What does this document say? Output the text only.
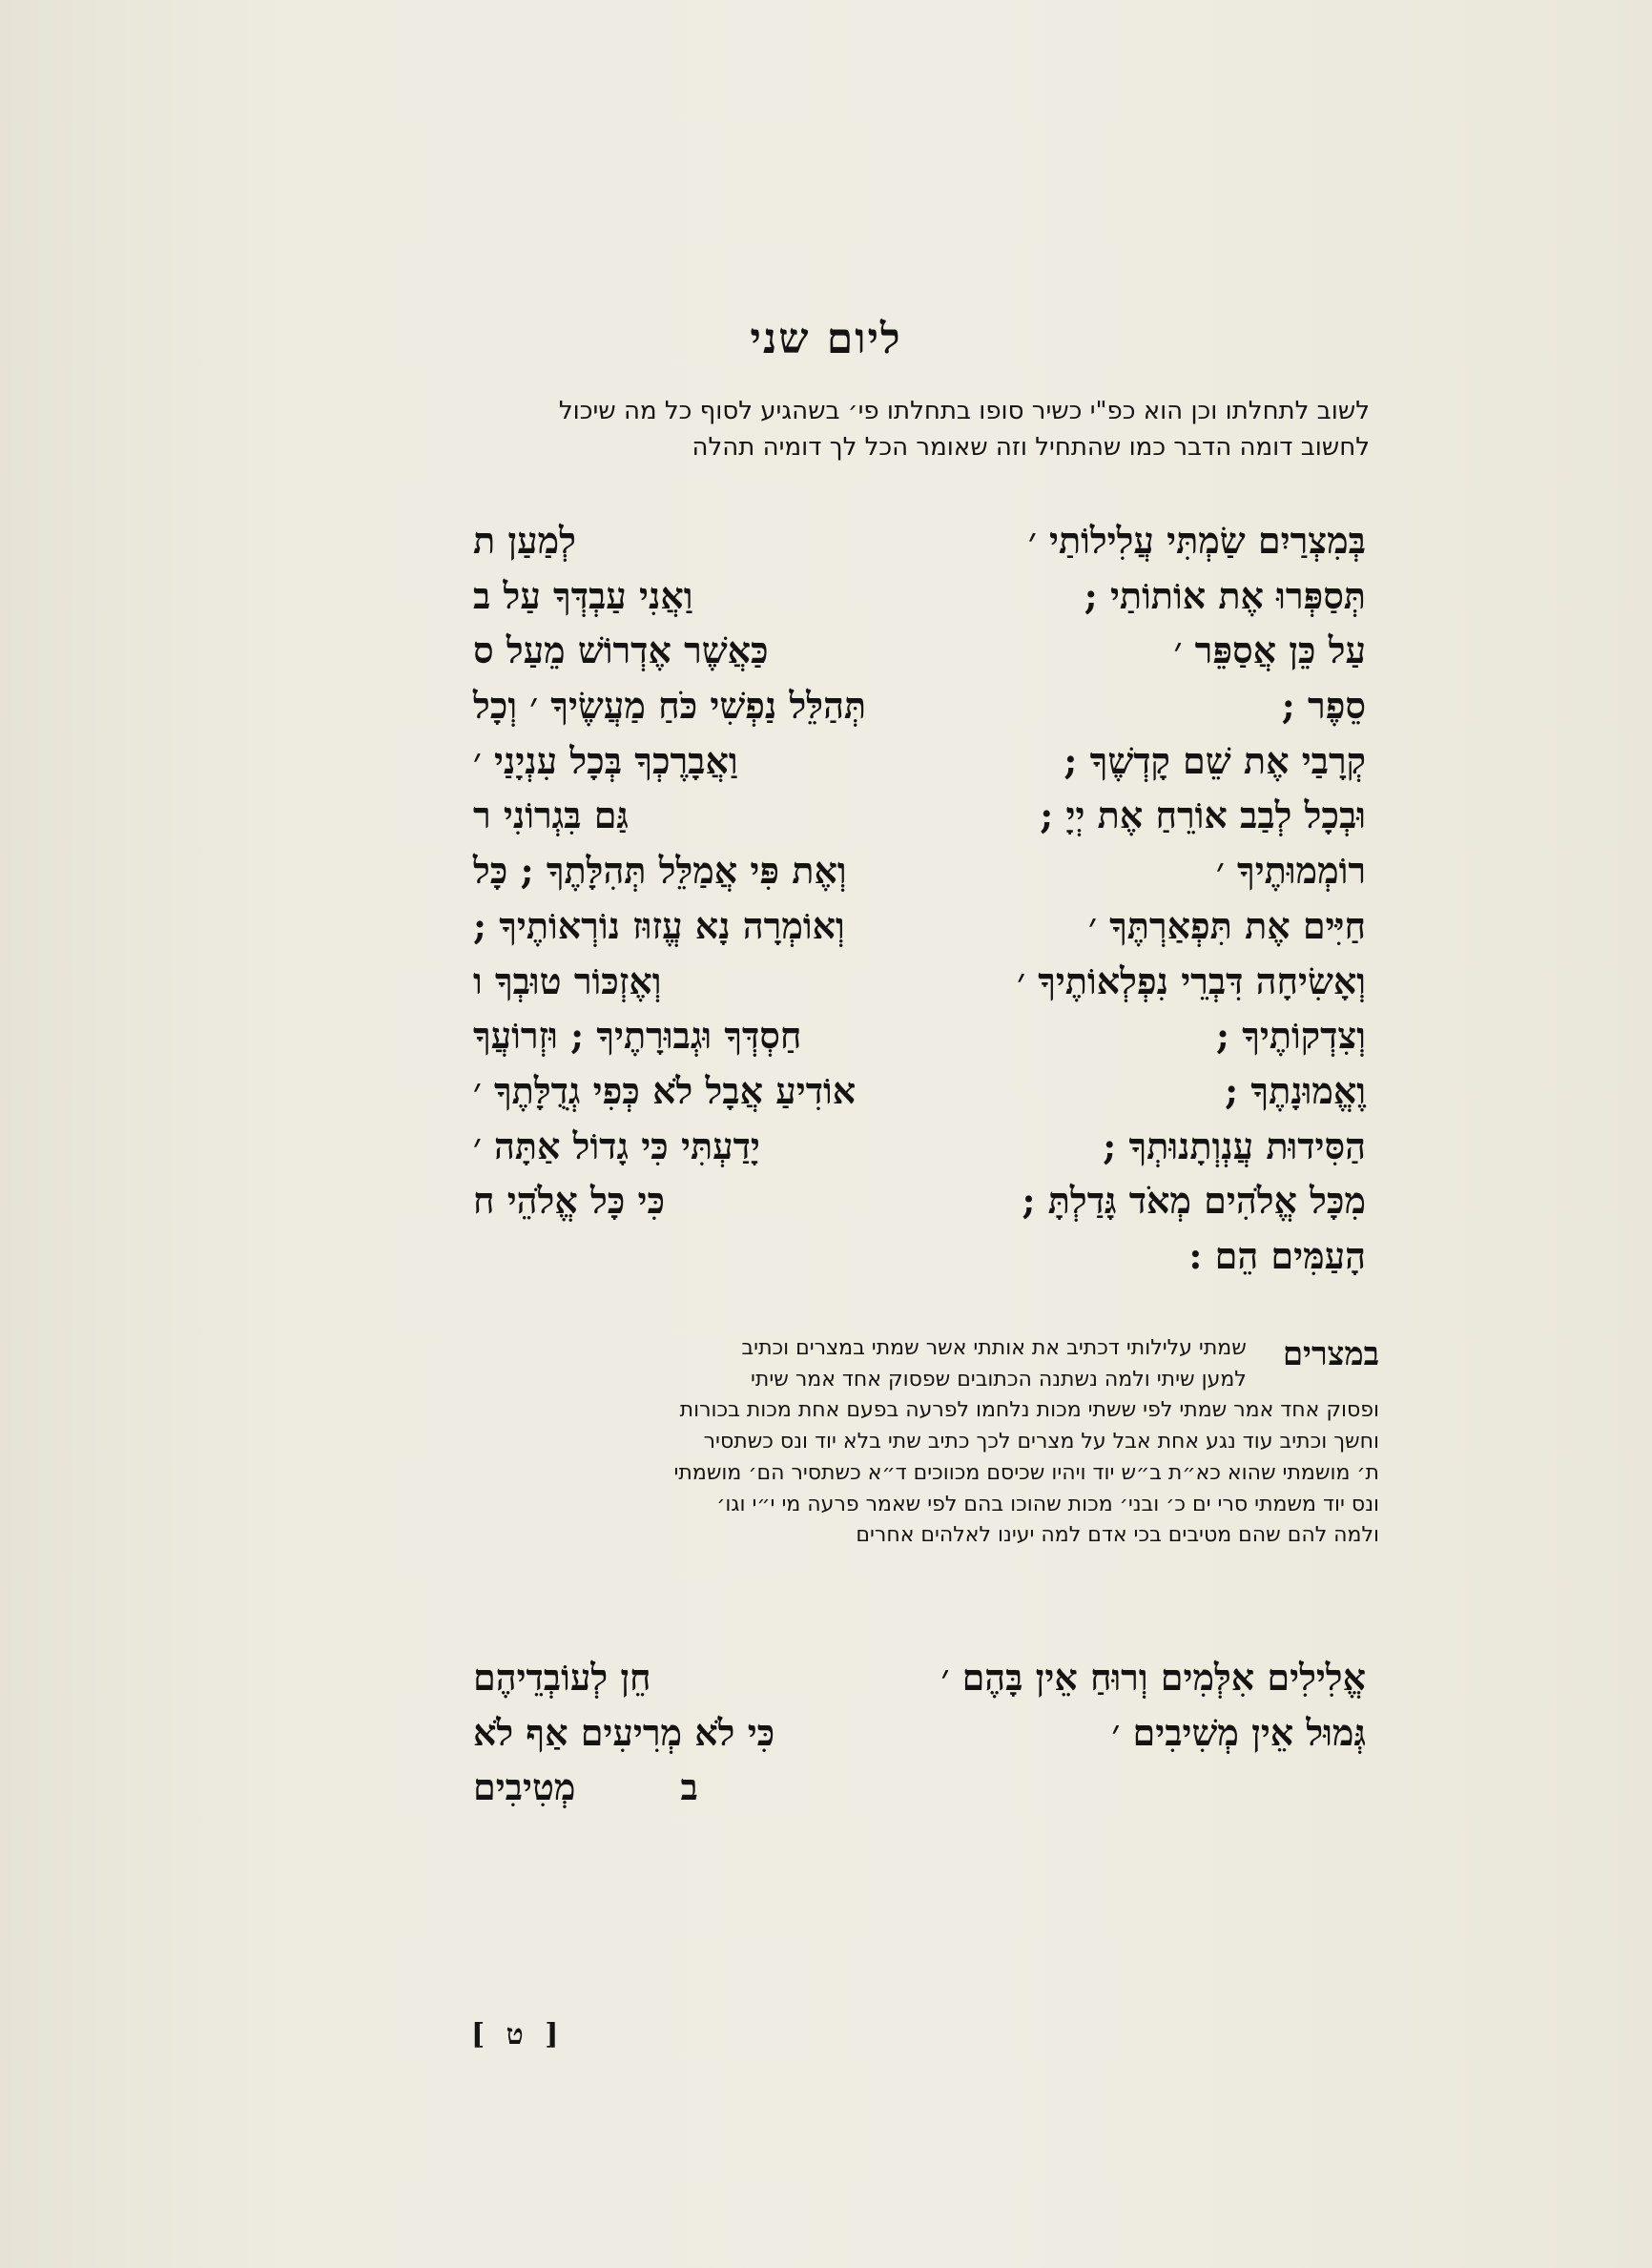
ליום שני
לשוב לתחלתו וכן הוא כפ"י כשיר סופו בתחלתו פי׳ בשהגיע לסוף כל מה שיכול
לחשוב דומה הדבר כמו שהתחיל וזה שאומר הכל לך דומיה תהלה
בְּמִצְרַיִם שַׂמְתִּי עֲלִילוֹתַי ׳
לְמַעַן ת
תְּסַפְּרוּ אֶת אוֹתוֹתַי ;
וַאֲנִי עַבְדְּךָ עַל ב
עַל כֵּן אֲסַפֵּר ׳
כַּאֲשֶׁר אֶדְרוֹשׁ מֵעַל ס
סֵפֶר ;
תְּהַלֵּל נַפְשִׁי כֹּחַ מַעֲשֶׂיךָ ׳ וְכָל
קְרָבַי אֶת שֵׁם קָדְשֶׁךָ ;
וַאֲבָרֶכְךָ בְּכָל עִנְיָנַי ׳
וּבְכָל לְבַב אוֹרֵחַ אֶת יְיָ ;
גַּם בִּגְרוֹנִי ר
רוֹמְמוּתֶיךָ ׳
וְאֶת פִּי אֲמַלֵּל תְּהִלָּתֶךָ ; כָּל
חַיִּים אֶת תִּפְאַרְתֶּךָ ׳
וְאוֹמְרָה נָא עֱזוּז נוֹרְאוֹתֶיךָ ;
וְאָשִׂיחָה דִּבְרֵי נִפְלְאוֹתֶיךָ ׳
וְאֶזְכּוֹר טוּבְךָ ו
וְצִדְקוֹתֶיךָ ;
חַסְדְּךָ וּגְבוּרָתֶיךָ ; וּזְרוֹעֲךָ
וֶאֱמוּנָתֶךָ ;
אוֹדִיעַ אֲבָל לֹא כְּפִי גְדֻלָּתֶךָ ׳
הַסִּידוּת עֲנְוְתָנוּתְךָ ;
יָדַעְתִּי כִּי גָדוֹל אַתָּה ׳
מִכָּל אֱלֹהִים מְאֹד גָּדַלְתָּ ;
כִּי כָּל אֱלֹהֵי ח
הָעַמִּים הֵם :
במצרים
שמתי עלילותי דכתיב את אותתי אשר שמתי במצרים וכתיב
למען שיתי ולמה נשתנה הכתובים שפסוק אחד אמר שיתי
ופסוק אחד אמר שמתי לפי ששתי מכות נלחמו לפרעה בפעם אחת מכות בכורות
וחשך וכתיב עוד נגע אחת אבל על מצרים לכך כתיב שתי בלא יוד ונס כשתסיר
ת׳ מושמתי שהוא כא״ת ב״ש יוד ויהיו שכיסם מכווכים ד״א כשתסיר הם׳ מושמתי
ונס יוד משמתי סרי ים כ׳ ובני׳ מכות שהוכו בהם לפי שאמר פרעה מי י״י וגו׳
ולמה להם שהם מטיבים בכי אדם למה יעינו לאלהים אחרים
אֱלִילִים אִלְּמִים וְרוּחַ אֵין בָּהֶם ׳
חֵן לְעוֹבְדֵיהֶם
גְּמוּל אֵין מְשִׁיבִים ׳
כִּי לֹא מְרִיעִים אַף לֹא
ב
מְטִיבִים
[ ט ]
